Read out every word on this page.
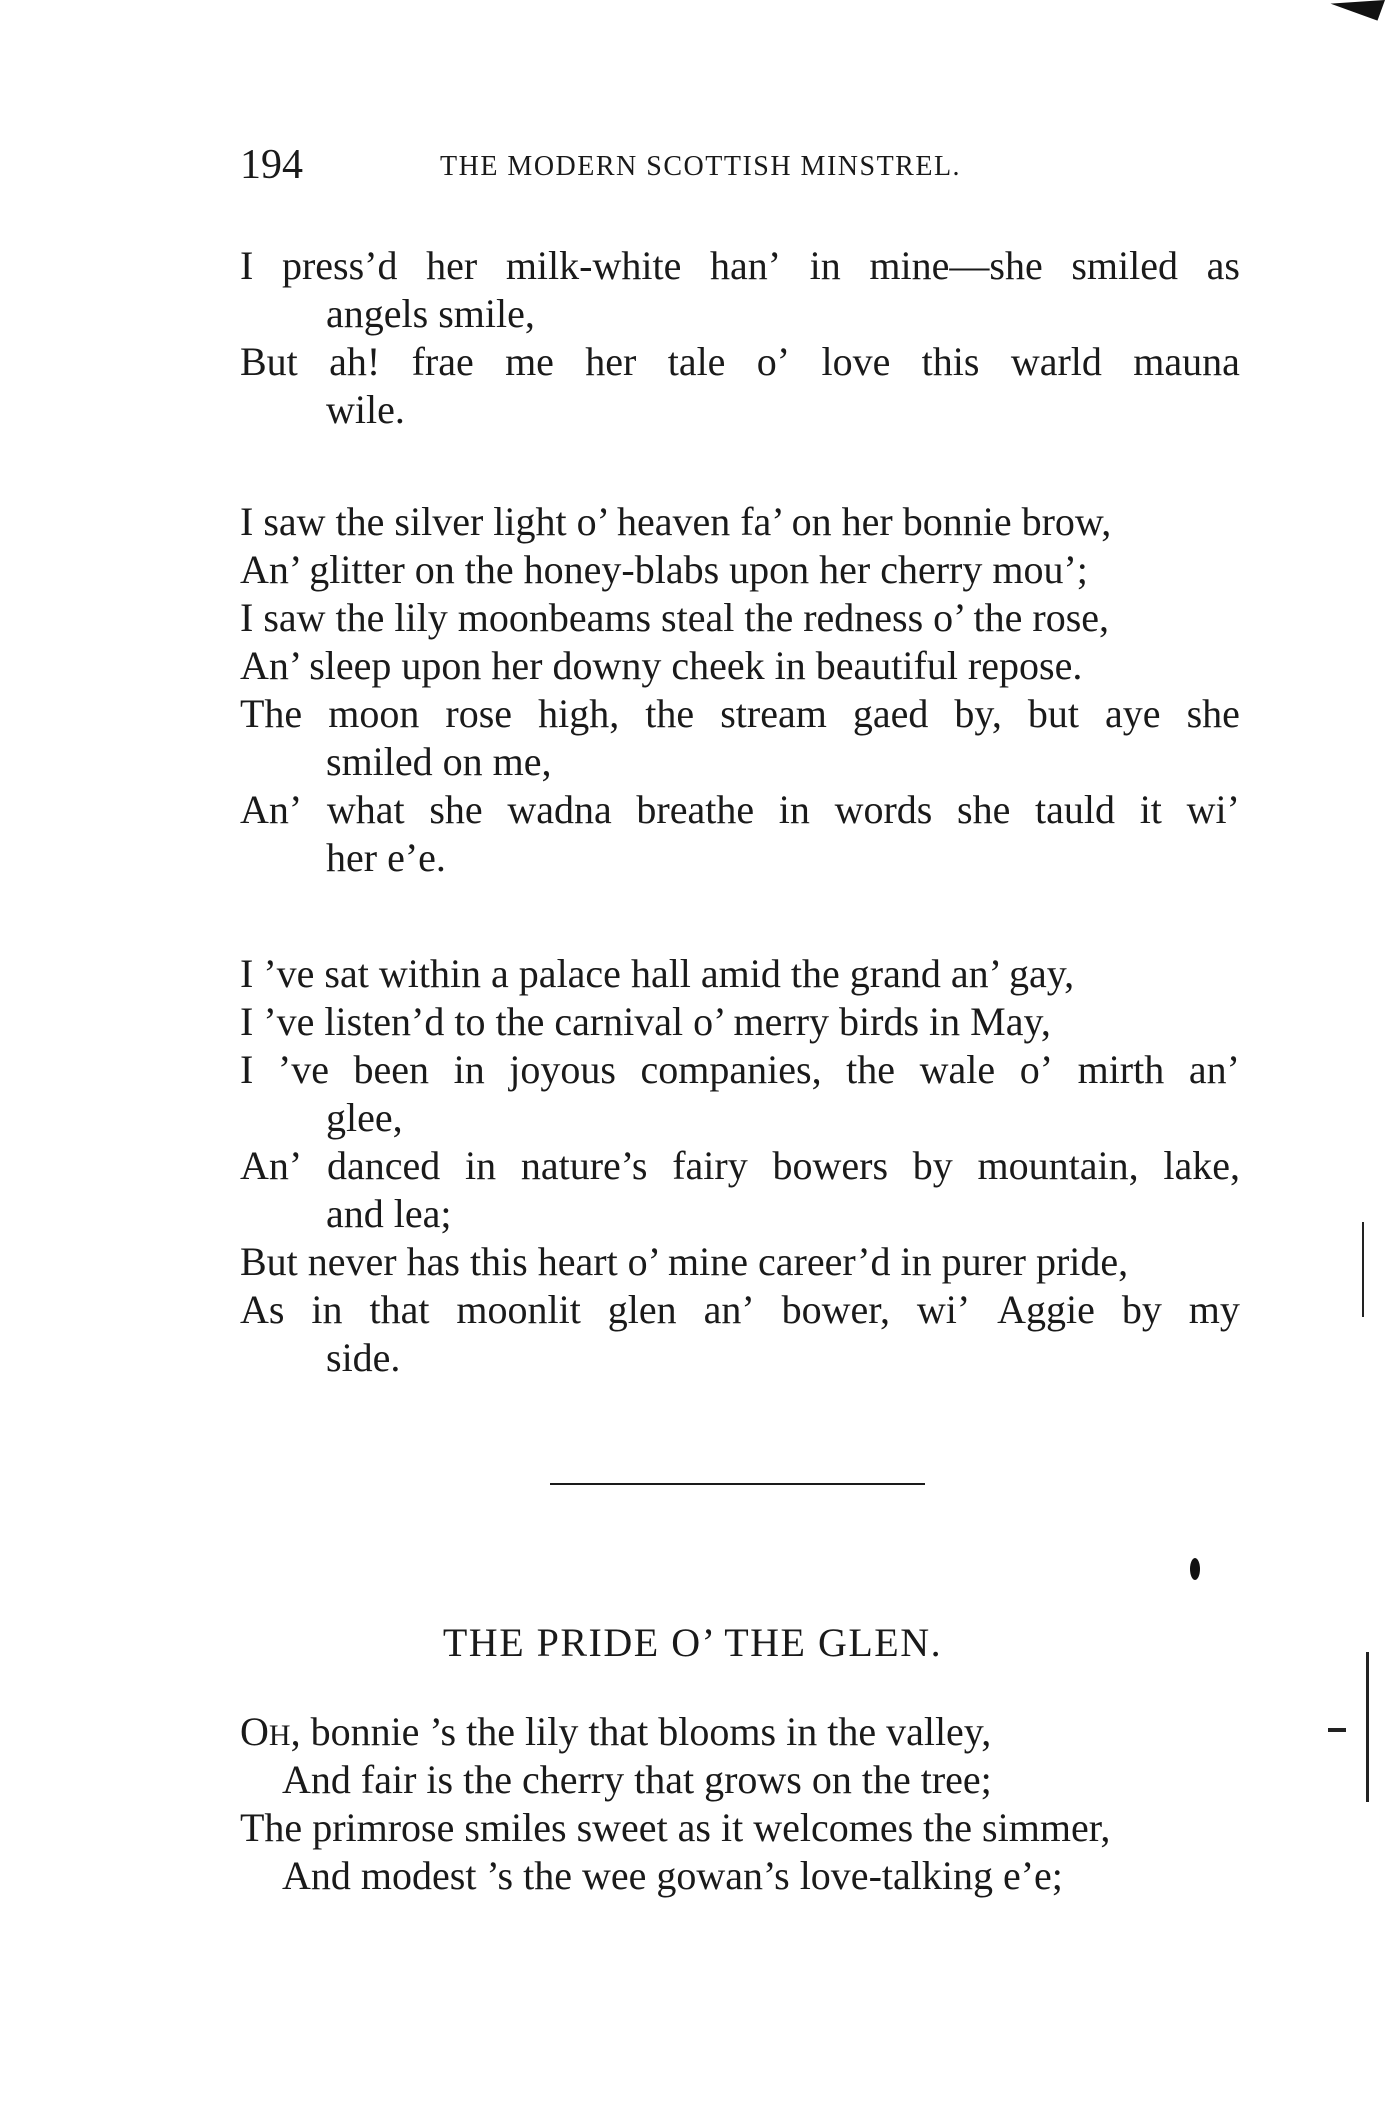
194	THE MODERN SCOTTISH MINSTREL.
I press’d her milk-white han’ in mine—she smiled as
angels smile,
But ah! frae me her tale o’ love this warld mauna
wile.
I saw the silver light o’ heaven fa’ on her bonnie brow,
An’ glitter on the honey-blabs upon her cherry mou’;
I saw the lily moonbeams steal the redness o’ the rose,
An’ sleep upon her downy cheek in beautiful repose.
The moon rose high, the stream gaed by, but aye she
smiled on me,
An’ what she wadna breathe in words she tauld it wi’
her e’e.
I ’ve sat within a palace hall amid the grand an’ gay,
I ’ve listen’d to the carnival o’ merry birds in May,
I ’ve been in joyous companies, the wale o’ mirth an’
glee,
An’ danced in nature’s fairy bowers by mountain, lake,
and lea;
But never has this heart o’ mine career’d in purer pride,
As in that moonlit glen an’ bower, wi’ Aggie by my
side.
THE PRIDE O’ THE GLEN.
OH, bonnie ’s the lily that blooms in the valley,
And fair is the cherry that grows on the tree;
The primrose smiles sweet as it welcomes the simmer,
And modest ’s the wee gowan’s love-talking e’e;
